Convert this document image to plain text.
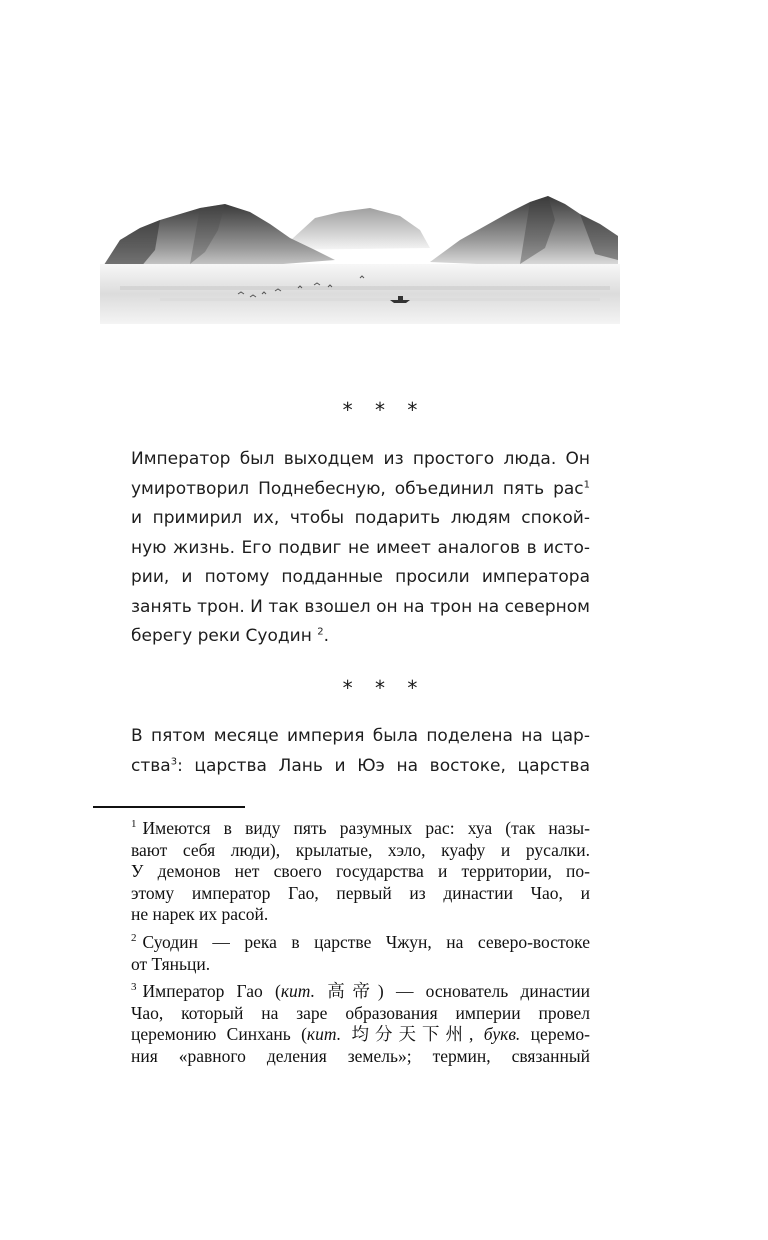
* * *
Император был выходцем из простого люда. Он
умиротворил Поднебесную, объединил пять рас$^1$
и примирил их, чтобы подарить людям спокой-
ную жизнь. Его подвиг не имеет аналогов в исто-
рии, и потому подданные просили императора
занять трон. И так взошел он на трон на северном
берегу реки Суодин $^2$.
* * *
В пятом месяце империя была поделена на цар-
ства$^3$: царства Лань и Юэ на востоке, царства
$^1$ Имеются в виду пять разумных рас: хуа (так назы-
вают себя люди), крылатые, хэло, куафу и русалки.
У демонов нет своего государства и территории, по-
этому император Гао, первый из династии Чао, и
не нарек их расой.
$^2$ Суодин — река в царстве Чжун, на северо-востоке
от Тяньци.
$^3$ Император Гао (кит. 高帝) — основатель династии
Чао, который на заре образования империи провел
церемонию Синхань (кит. 均分天下州, букв. церемо-
ния «равного деления земель»; термин, связанный
